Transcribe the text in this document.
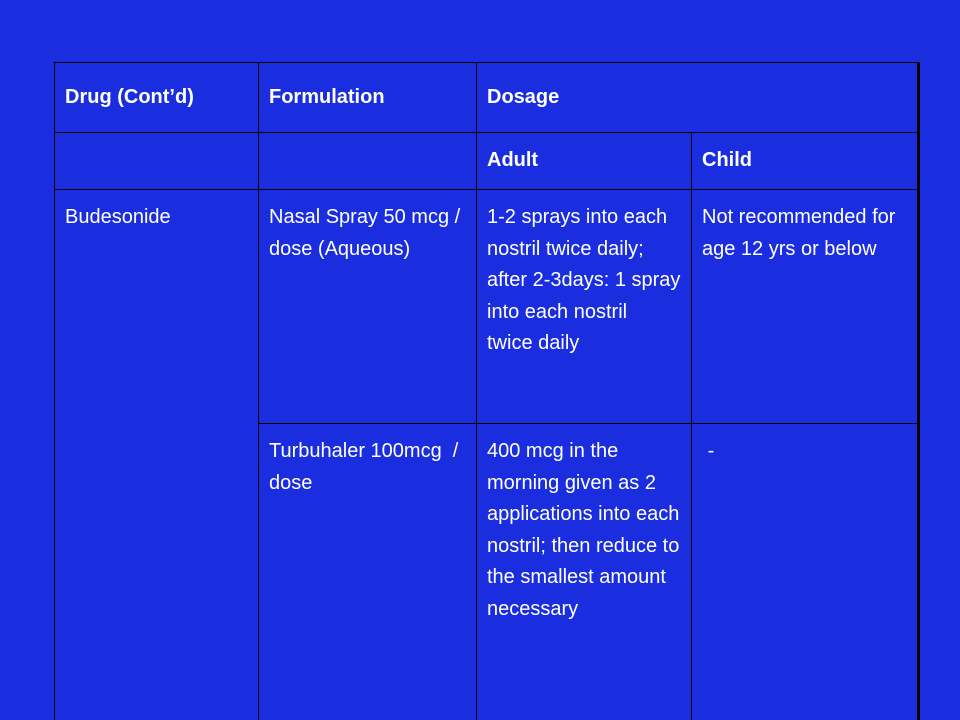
Drug (Cont’d)	Formulation	Dosage	
		Adult	Child
Budesonide	Nasal Spray 50 mcg / dose (Aqueous)	1-2 sprays into each nostril twice daily; after 2-3days: 1 spray into each nostril    twice daily	Not recommended for age 12 yrs or below
	Turbuhaler 100mcg  / dose	400 mcg in the morning given as 2 applications into each nostril; then reduce to the smallest amount necessary	-
